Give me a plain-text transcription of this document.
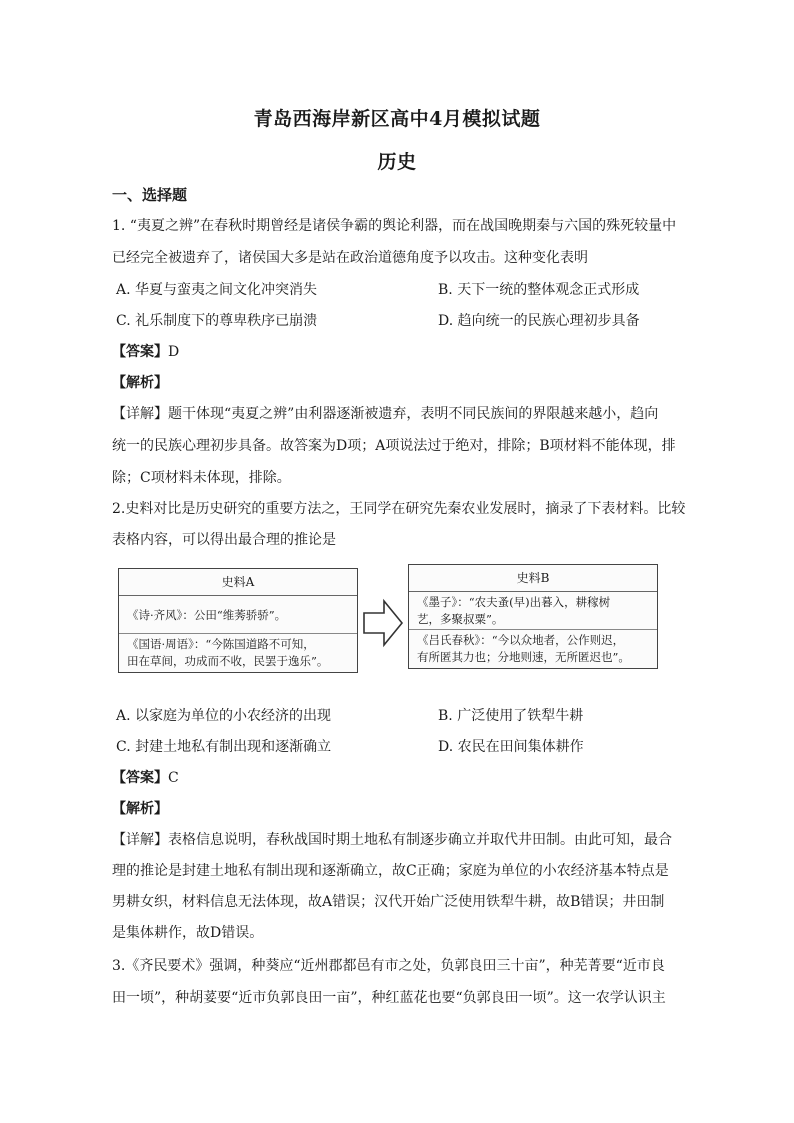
青岛西海岸新区高中4月模拟试题
历史
一、选择题
1. “夷夏之辨”在春秋时期曾经是诸侯争霸的舆论利器，而在战国晚期秦与六国的殊死较量中
已经完全被遗弃了，诸侯国大多是站在政治道德角度予以攻击。这种变化表明
A. 华夏与蛮夷之间文化冲突消失	B. 天下一统的整体观念正式形成
C. 礼乐制度下的尊卑秩序已崩溃	D. 趋向统一的民族心理初步具备
【答案】D
【解析】
【详解】题干体现“夷夏之辨”由利器逐渐被遗弃，表明不同民族间的界限越来越小，趋向
统一的民族心理初步具备。故答案为D项；A项说法过于绝对，排除；B项材料不能体现，排
除；C项材料未体现，排除。
2.史料对比是历史研究的重要方法之，王同学在研究先秦农业发展时，摘录了下表材料。比较
表格内容，可以得出最合理的推论是
史料A
《诗·齐风》：公田“维莠骄骄”。
《国语·周语》：“今陈国道路不可知，
田在草间，功成而不收，民罢于逸乐”。
史料B
《墨子》：“农夫蚤(早)出暮入，耕稼树
艺，多聚叔粟”。
《吕氏春秋》：“今以众地者，公作则迟，
有所匿其力也；分地则速，无所匿迟也”。
A. 以家庭为单位的小农经济的出现	B. 广泛使用了铁犁牛耕
C. 封建土地私有制出现和逐渐确立	D. 农民在田间集体耕作
【答案】C
【解析】
【详解】表格信息说明，春秋战国时期土地私有制逐步确立并取代井田制。由此可知，最合
理的推论是封建土地私有制出现和逐渐确立，故C正确；家庭为单位的小农经济基本特点是
男耕女织，材料信息无法体现，故A错误；汉代开始广泛使用铁犁牛耕，故B错误；井田制
是集体耕作，故D错误。
3.《齐民要术》强调，种葵应“近州郡都邑有市之处，负郭良田三十亩”，种芜菁要“近市良
田一顷”，种胡荽要“近市负郭良田一亩”，种红蓝花也要“负郭良田一顷”。这一农学认识主
